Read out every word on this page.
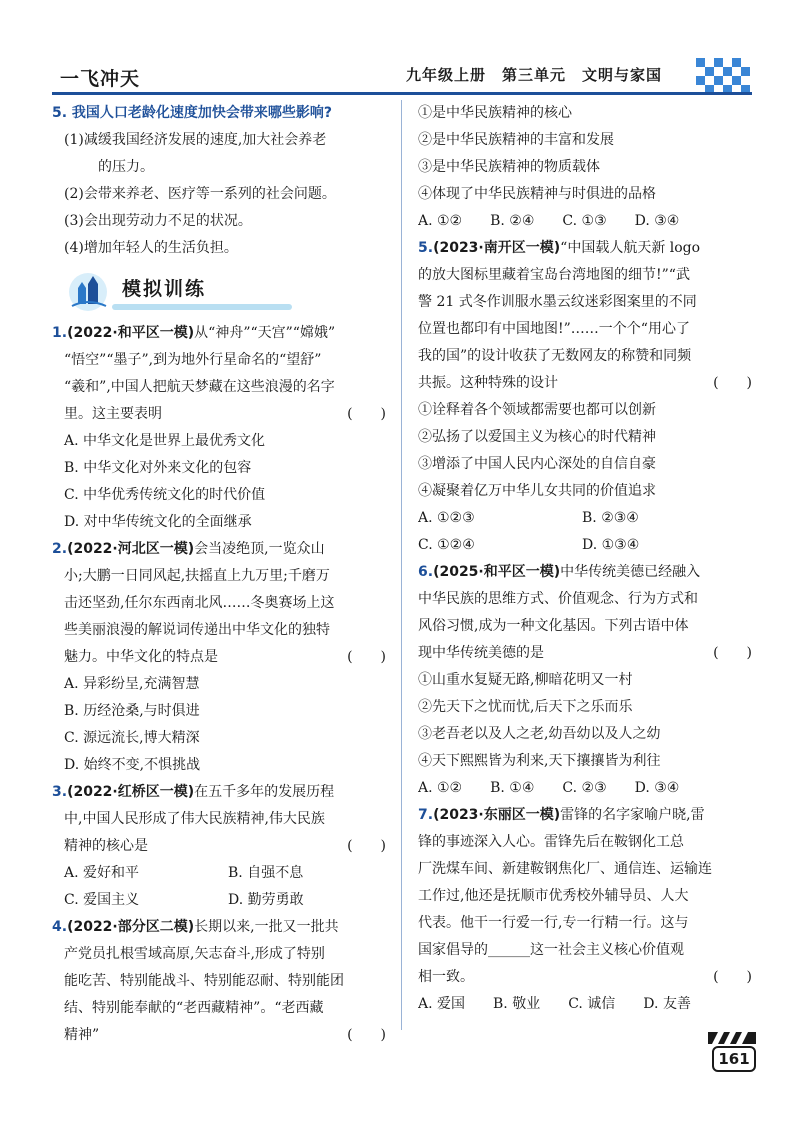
一飞冲天	九年级上册　第三单元　文明与家国
5. 我国人口老龄化速度加快会带来哪些影响?
(1)减缓我国经济发展的速度,加大社会养老
的压力。
(2)会带来养老、医疗等一系列的社会问题。
(3)会出现劳动力不足的状况。
(4)增加年轻人的生活负担。
模拟训练
1.(2022·和平区一模)从“神舟”“天宫”“嫦娥”
“悟空”“墨子”,到为地外行星命名的“望舒”
“羲和”,中国人把航天梦藏在这些浪漫的名字
里。这主要表明	(　　)
A. 中华文化是世界上最优秀文化
B. 中华文化对外来文化的包容
C. 中华优秀传统文化的时代价值
D. 对中华传统文化的全面继承
2.(2022·河北区一模)会当凌绝顶,一览众山
小;大鹏一日同风起,扶摇直上九万里;千磨万
击还坚劲,任尔东西南北风……冬奥赛场上这
些美丽浪漫的解说词传递出中华文化的独特
魅力。中华文化的特点是	(　　)
A. 异彩纷呈,充满智慧
B. 历经沧桑,与时俱进
C. 源远流长,博大精深
D. 始终不变,不惧挑战
3.(2022·红桥区一模)在五千多年的发展历程
中,中国人民形成了伟大民族精神,伟大民族
精神的核心是	(　　)
A. 爱好和平	B. 自强不息
C. 爱国主义	D. 勤劳勇敢
4.(2022·部分区二模)长期以来,一批又一批共
产党员扎根雪域高原,矢志奋斗,形成了特别
能吃苦、特别能战斗、特别能忍耐、特别能团
结、特别能奉献的“老西藏精神”。“老西藏
精神”	(　　)
①是中华民族精神的核心
②是中华民族精神的丰富和发展
③是中华民族精神的物质载体
④体现了中华民族精神与时俱进的品格
A. ①②　　B. ②④　　C. ①③　　D. ③④
5.(2023·南开区一模)“中国载人航天新 logo
的放大图标里藏着宝岛台湾地图的细节!”“武
警 21 式冬作训服水墨云纹迷彩图案里的不同
位置也都印有中国地图!”……一个个“用心了
我的国”的设计收获了无数网友的称赞和同频
共振。这种特殊的设计	(　　)
①诠释着各个领域都需要也都可以创新
②弘扬了以爱国主义为核心的时代精神
③增添了中国人民内心深处的自信自豪
④凝聚着亿万中华儿女共同的价值追求
A. ①②③	B. ②③④
C. ①②④	D. ①③④
6.(2025·和平区一模)中华传统美德已经融入
中华民族的思维方式、价值观念、行为方式和
风俗习惯,成为一种文化基因。下列古语中体
现中华传统美德的是	(　　)
①山重水复疑无路,柳暗花明又一村
②先天下之忧而忧,后天下之乐而乐
③老吾老以及人之老,幼吾幼以及人之幼
④天下熙熙皆为利来,天下攘攘皆为利往
A. ①②　　B. ①④　　C. ②③　　D. ③④
7.(2023·东丽区一模)雷锋的名字家喻户晓,雷
锋的事迹深入人心。雷锋先后在鞍钢化工总
厂洗煤车间、新建鞍钢焦化厂、通信连、运输连
工作过,他还是抚顺市优秀校外辅导员、人大
代表。他干一行爱一行,专一行精一行。这与
国家倡导的______这一社会主义核心价值观
相一致。	(　　)
A. 爱国　　B. 敬业　　C. 诚信　　D. 友善
161
